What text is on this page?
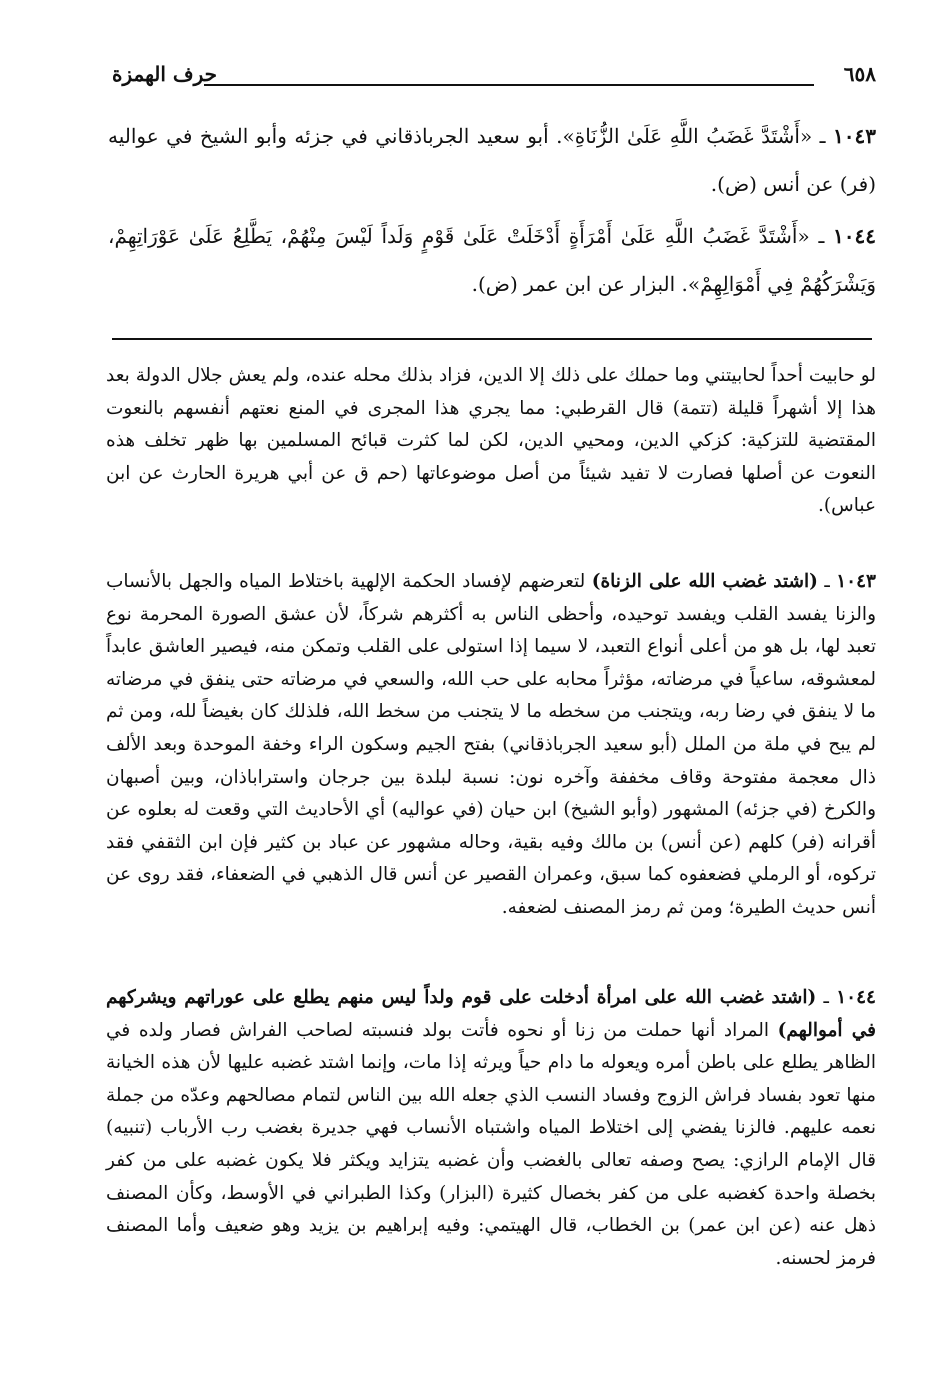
٦٥٨
حرف الهمزة

١٠٤٣ ـ «أَشْتَدَّ غَضَبُ اللَّهِ عَلَىٰ الزُّنَاةِ». أبو سعيد الجرباذقاني في جزئه وأبو الشيخ في عواليه (فر) عن أنس (ض).

١٠٤٤ ـ «أَشْتَدَّ غَضَبُ اللَّهِ عَلَىٰ أَمْرَأَةٍ أَدْخَلَتْ عَلَىٰ قَوْمٍ وَلَداً لَيْسَ مِنْهُمْ، يَطَّلِعُ عَلَىٰ عَوْرَاتِهِمْ، وَيَشْرَكُهُمْ فِي أَمْوَالِهِمْ». البزار عن ابن عمر (ض).

لو حابيت أحداً لحابيتني وما حملك على ذلك إلا الدين، فزاد بذلك محله عنده، ولم يعش جلال الدولة بعد هذا إلا أشهراً قليلة (تتمة) قال القرطبي: مما يجري هذا المجرى في المنع نعتهم أنفسهم بالنعوت المقتضية للتزكية: كزكي الدين، ومحيي الدين، لكن لما كثرت قبائح المسلمين بها ظهر تخلف هذه النعوت عن أصلها فصارت لا تفيد شيئاً من أصل موضوعاتها (حم ق عن أبي هريرة الحارث عن ابن عباس).

١٠٤٣ ـ (اشتد غضب الله على الزناة) لتعرضهم لإفساد الحكمة الإلهية باختلاط المياه والجهل بالأنساب والزنا يفسد القلب ويفسد توحيده، وأحظى الناس به أكثرهم شركاً، لأن عشق الصورة المحرمة نوع تعبد لها، بل هو من أعلى أنواع التعبد، لا سيما إذا استولى على القلب وتمكن منه، فيصير العاشق عابداً لمعشوقه، ساعياً في مرضاته، مؤثراً محابه على حب الله، والسعي في مرضاته حتى ينفق في مرضاته ما لا ينفق في رضا ربه، ويتجنب من سخطه ما لا يتجنب من سخط الله، فلذلك كان بغيضاً لله، ومن ثم لم يبح في ملة من الملل (أبو سعيد الجرباذقاني) بفتح الجيم وسكون الراء وخفة الموحدة وبعد الألف ذال معجمة مفتوحة وقاف مخففة وآخره نون: نسبة لبلدة بين جرجان واستراباذان، وبين أصبهان والكرخ (في جزئه) المشهور (وأبو الشيخ) ابن حيان (في عواليه) أي الأحاديث التي وقعت له بعلوه عن أقرانه (فر) كلهم (عن أنس) بن مالك وفيه بقية، وحاله مشهور عن عباد بن كثير فإن ابن الثقفي فقد تركوه، أو الرملي فضعفوه كما سبق، وعمران القصير عن أنس قال الذهبي في الضعفاء، فقد روى عن أنس حديث الطيرة؛ ومن ثم رمز المصنف لضعفه.

١٠٤٤ ـ (اشتد غضب الله على امرأة أدخلت على قوم ولداً ليس منهم يطلع على عوراتهم ويشركهم في أموالهم) المراد أنها حملت من زنا أو نحوه فأتت بولد فنسبته لصاحب الفراش فصار ولده في الظاهر يطلع على باطن أمره ويعوله ما دام حياً ويرثه إذا مات، وإنما اشتد غضبه عليها لأن هذه الخيانة منها تعود بفساد فراش الزوج وفساد النسب الذي جعله الله بين الناس لتمام مصالحهم وعدّه من جملة نعمه عليهم. فالزنا يفضي إلى اختلاط المياه واشتباه الأنساب فهي جديرة بغضب رب الأرباب (تنبيه) قال الإمام الرازي: يصح وصفه تعالى بالغضب وأن غضبه يتزايد ويكثر فلا يكون غضبه على من كفر بخصلة واحدة كغضبه على من كفر بخصال كثيرة (البزار) وكذا الطبراني في الأوسط، وكأن المصنف ذهل عنه (عن ابن عمر) بن الخطاب، قال الهيتمي: وفيه إبراهيم بن يزيد وهو ضعيف وأما المصنف فرمز لحسنه.
